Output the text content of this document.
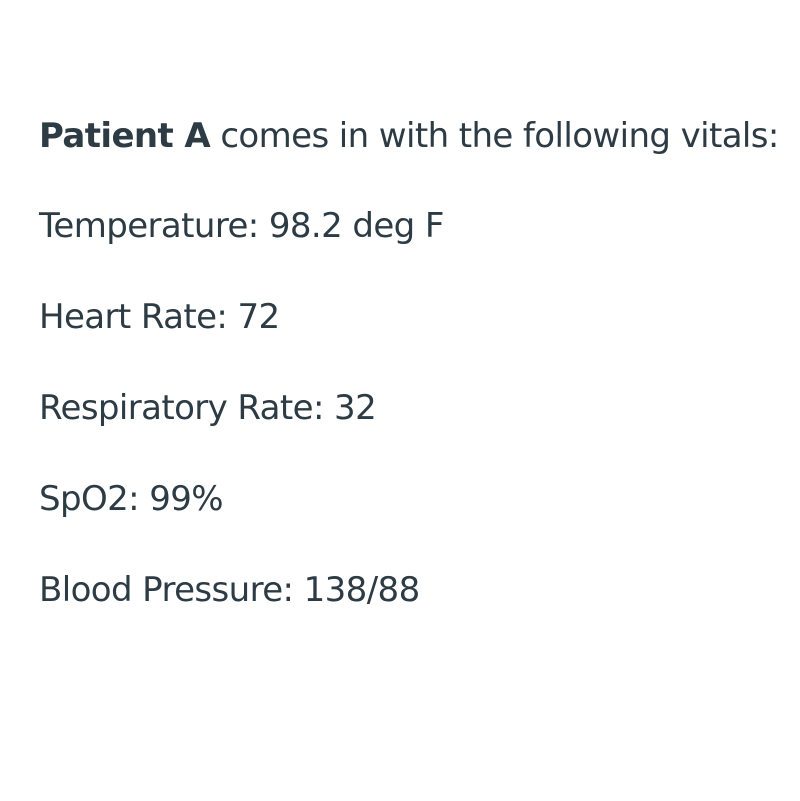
Patient A comes in with the following vitals:

Temperature: 98.2 deg F

Heart Rate: 72

Respiratory Rate: 32

SpO2: 99%

Blood Pressure: 138/88
